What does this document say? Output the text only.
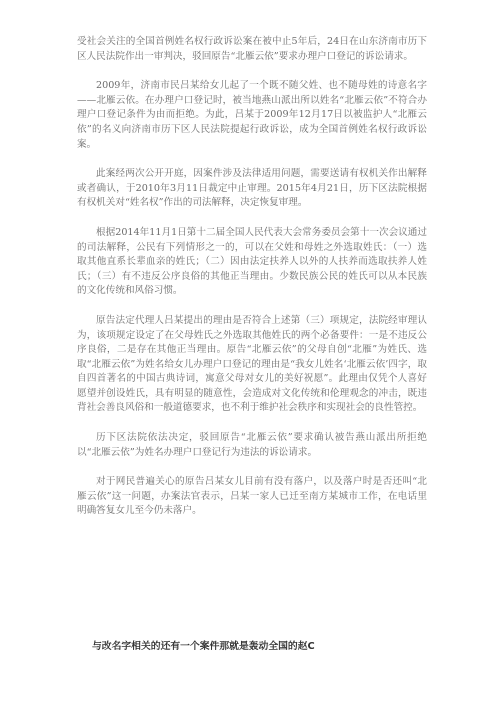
受社会关注的全国首例姓名权行政诉讼案在被中止5年后，24日在山东济南市历下区人民法院作出一审判决，驳回原告“北雁云依”要求办理户口登记的诉讼请求。

2009年，济南市民吕某给女儿起了一个既不随父姓、也不随母姓的诗意名字——北雁云依。在办理户口登记时，被当地燕山派出所以姓名“北雁云依”不符合办理户口登记条件为由而拒绝。为此，吕某于2009年12月17日以被监护人“北雁云依”的名义向济南市历下区人民法院提起行政诉讼，成为全国首例姓名权行政诉讼案。

此案经两次公开开庭，因案件涉及法律适用问题，需要送请有权机关作出解释或者确认，于2010年3月11日裁定中止审理。2015年4月21日，历下区法院根据有权机关对“姓名权”作出的司法解释，决定恢复审理。

根据2014年11月1日第十二届全国人民代表大会常务委员会第十一次会议通过的司法解释，公民有下列情形之一的，可以在父姓和母姓之外选取姓氏：（一）选取其他直系长辈血亲的姓氏；（二）因由法定扶养人以外的人扶养而选取扶养人姓氏；（三）有不违反公序良俗的其他正当理由。少数民族公民的姓氏可以从本民族的文化传统和风俗习惯。

原告法定代理人吕某提出的理由是否符合上述第（三）项规定，法院经审理认为，该项规定设定了在父母姓氏之外选取其他姓氏的两个必备要件：一是不违反公序良俗，二是存在其他正当理由。原告“北雁云依”的父母自创“北雁”为姓氏、选取“北雁云依”为姓名给女儿办理户口登记的理由是“我女儿姓名‘北雁云依’四字，取自四首著名的中国古典诗词，寓意父母对女儿的美好祝愿”。此理由仅凭个人喜好愿望并创设姓氏，具有明显的随意性，会造成对文化传统和伦理观念的冲击，既违背社会善良风俗和一般道德要求，也不利于维护社会秩序和实现社会的良性管控。

历下区法院依法决定，驳回原告“北雁云依”要求确认被告燕山派出所拒绝以“北雁云依”为姓名办理户口登记行为违法的诉讼请求。

对于网民普遍关心的原告吕某女儿目前有没有落户，以及落户时是否还叫“北雁云依”这一问题，办案法官表示，吕某一家人已迁至南方某城市工作，在电话里明确答复女儿至今仍未落户。

与改名字相关的还有一个案件那就是轰动全国的赵C
